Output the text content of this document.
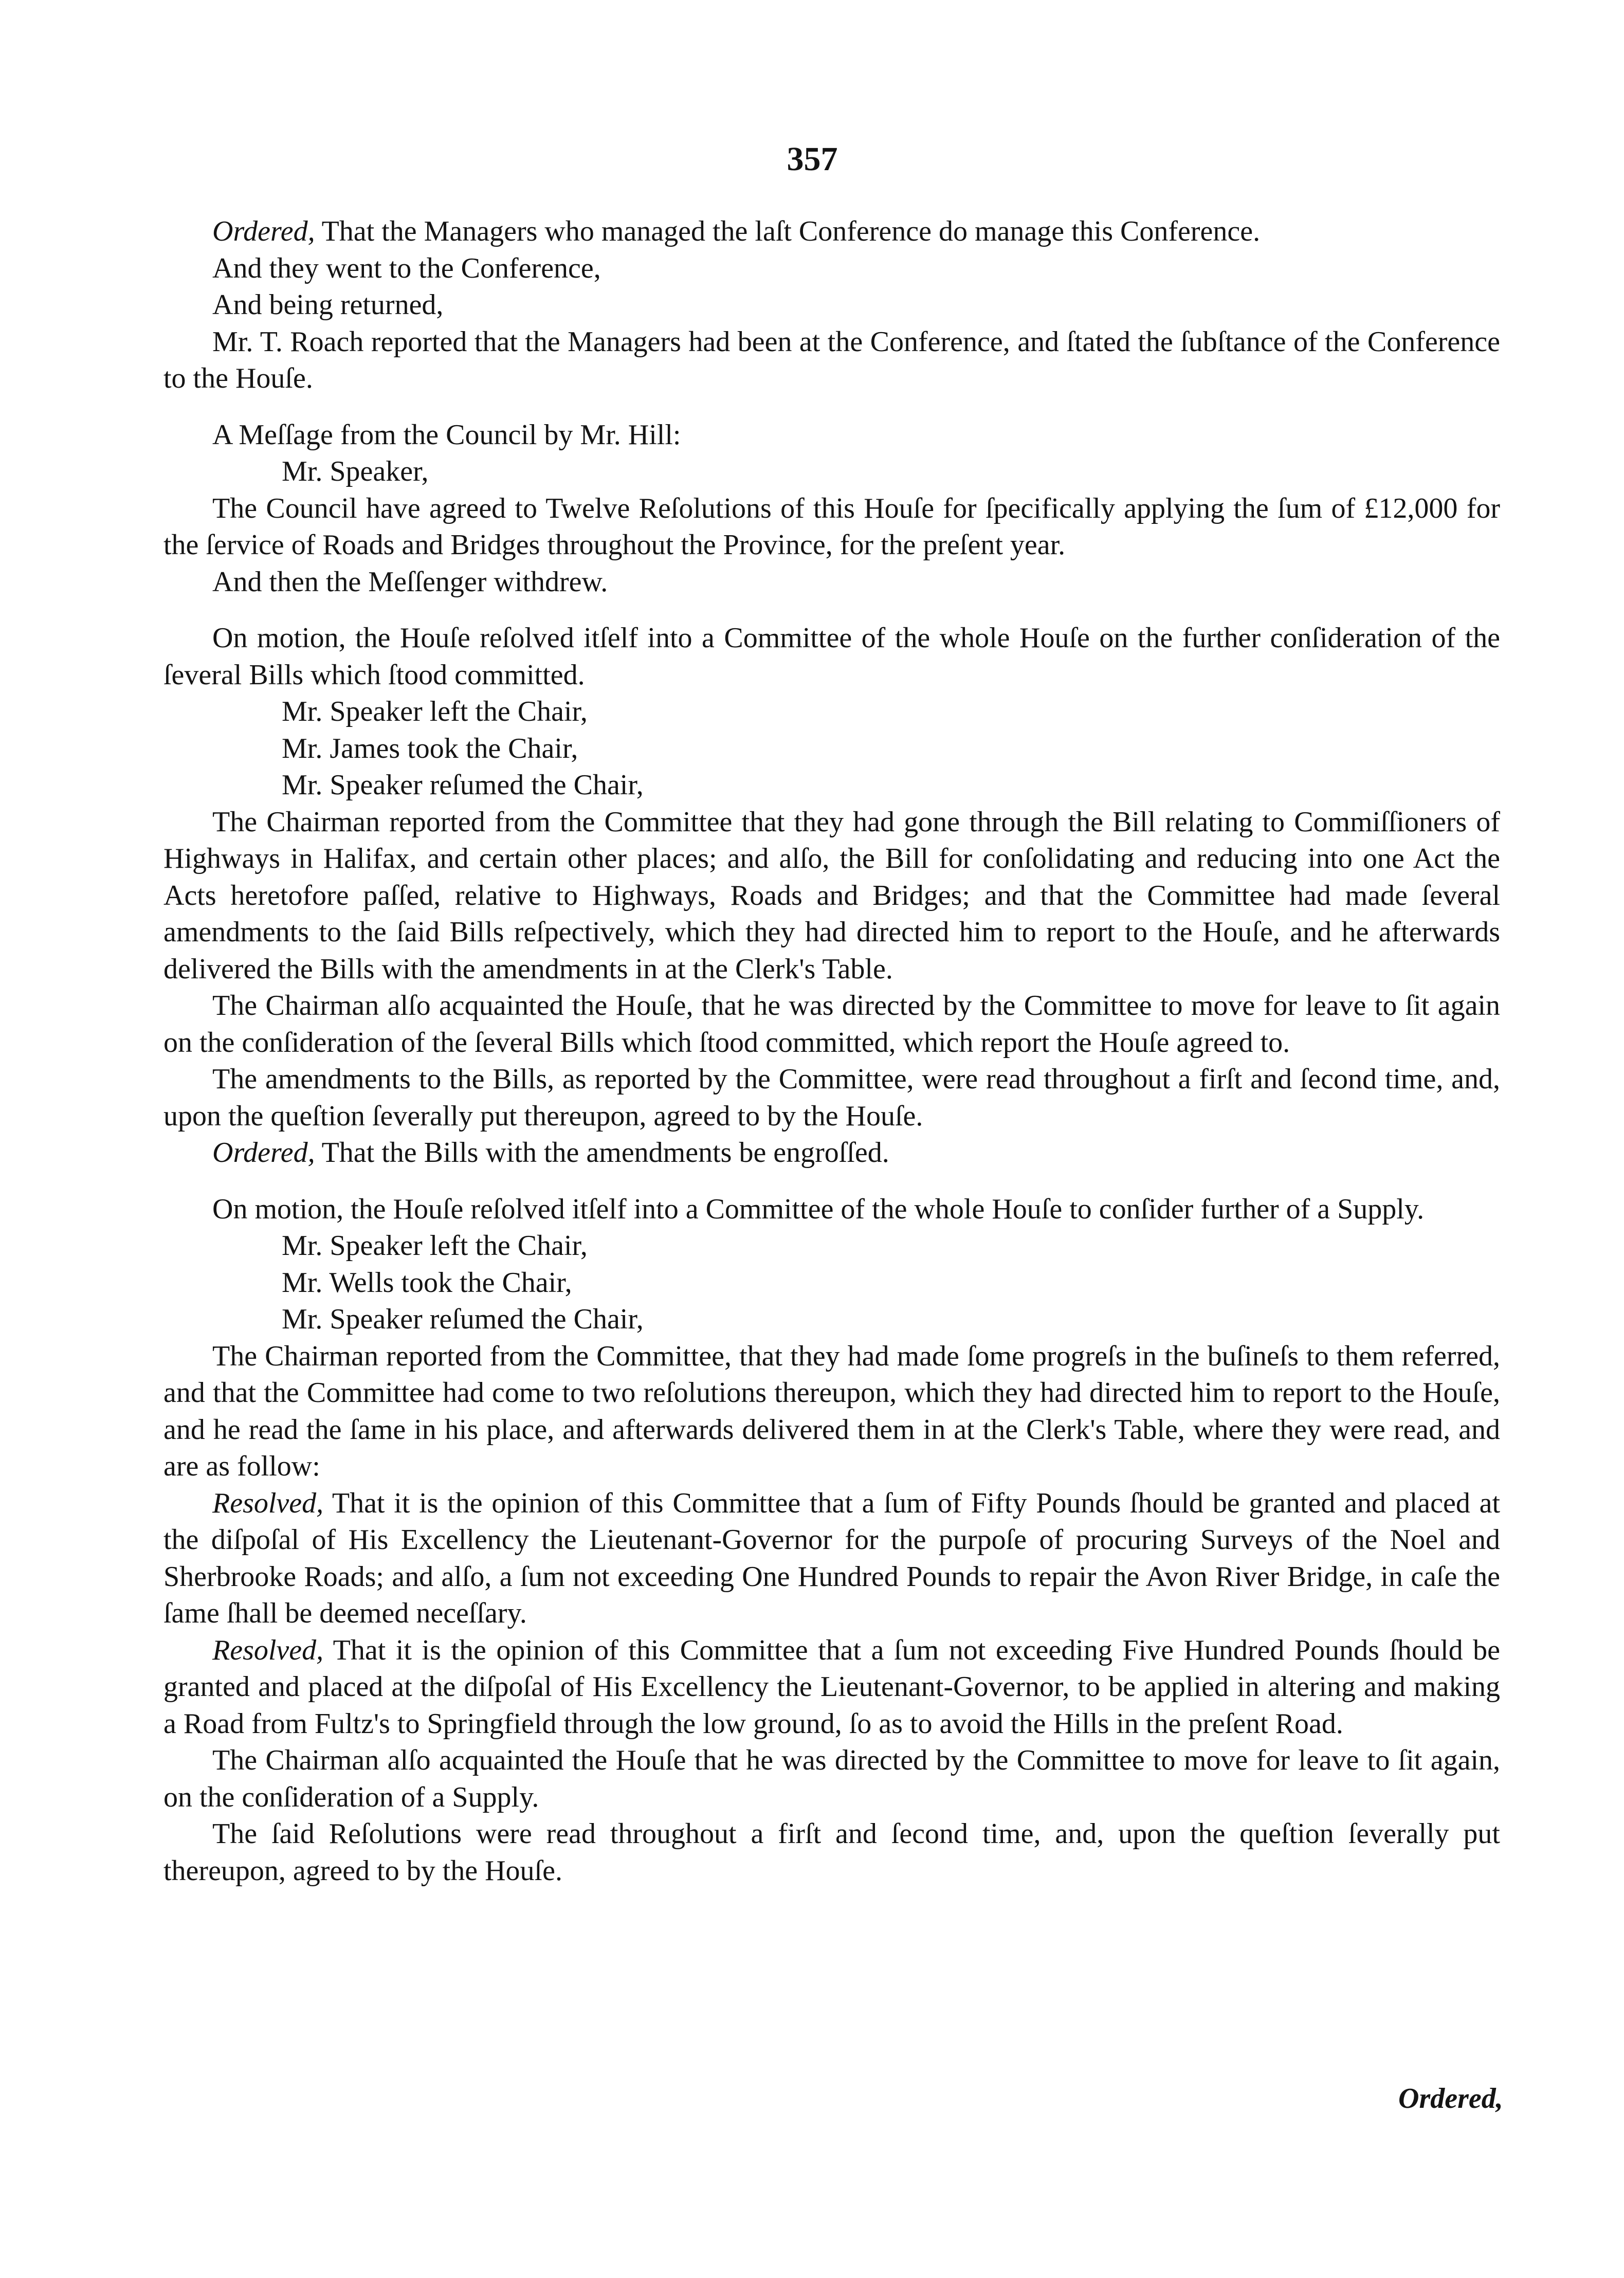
357

Ordered, That the Managers who managed the laſt Conference do manage this Conference.

And they went to the Conference,

And being returned,

Mr. T. Roach reported that the Managers had been at the Conference, and ſtated the ſubſtance of the Conference to the Houſe.

A Meſſage from the Council by Mr. Hill:

Mr. Speaker,

The Council have agreed to Twelve Reſolutions of this Houſe for ſpecifically applying the ſum of £12,000 for the ſervice of Roads and Bridges throughout the Province, for the preſent year.

And then the Meſſenger withdrew.

On motion, the Houſe reſolved itſelf into a Committee of the whole Houſe on the further conſideration of the ſeveral Bills which ſtood committed.

Mr. Speaker left the Chair,

Mr. James took the Chair,

Mr. Speaker reſumed the Chair,

The Chairman reported from the Committee that they had gone through the Bill relating to Commiſſioners of Highways in Halifax, and certain other places; and alſo, the Bill for conſolidating and reducing into one Act the Acts heretofore paſſed, relative to Highways, Roads and Bridges; and that the Committee had made ſeveral amendments to the ſaid Bills reſpectively, which they had directed him to report to the Houſe, and he afterwards delivered the Bills with the amendments in at the Clerk's Table.

The Chairman alſo acquainted the Houſe, that he was directed by the Committee to move for leave to ſit again on the conſideration of the ſeveral Bills which ſtood committed, which report the Houſe agreed to.

The amendments to the Bills, as reported by the Committee, were read throughout a firſt and ſecond time, and, upon the queſtion ſeverally put thereupon, agreed to by the Houſe.

Ordered, That the Bills with the amendments be engroſſed.

On motion, the Houſe reſolved itſelf into a Committee of the whole Houſe to conſider further of a Supply.

Mr. Speaker left the Chair,

Mr. Wells took the Chair,

Mr. Speaker reſumed the Chair,

The Chairman reported from the Committee, that they had made ſome progreſs in the buſineſs to them referred, and that the Committee had come to two reſolutions thereupon, which they had directed him to report to the Houſe, and he read the ſame in his place, and afterwards delivered them in at the Clerk's Table, where they were read, and are as follow:

Resolved, That it is the opinion of this Committee that a ſum of Fifty Pounds ſhould be granted and placed at the diſpoſal of His Excellency the Lieutenant-Governor for the purpoſe of procuring Surveys of the Noel and Sherbrooke Roads; and alſo, a ſum not exceeding One Hundred Pounds to repair the Avon River Bridge, in caſe the ſame ſhall be deemed neceſſary.

Resolved, That it is the opinion of this Committee that a ſum not exceeding Five Hundred Pounds ſhould be granted and placed at the diſpoſal of His Excellency the Lieutenant-Governor, to be applied in altering and making a Road from Fultz's to Springfield through the low ground, ſo as to avoid the Hills in the preſent Road.

The Chairman alſo acquainted the Houſe that he was directed by the Committee to move for leave to ſit again, on the conſideration of a Supply.

The ſaid Reſolutions were read throughout a firſt and ſecond time, and, upon the queſtion ſeverally put thereupon, agreed to by the Houſe.

Ordered,
